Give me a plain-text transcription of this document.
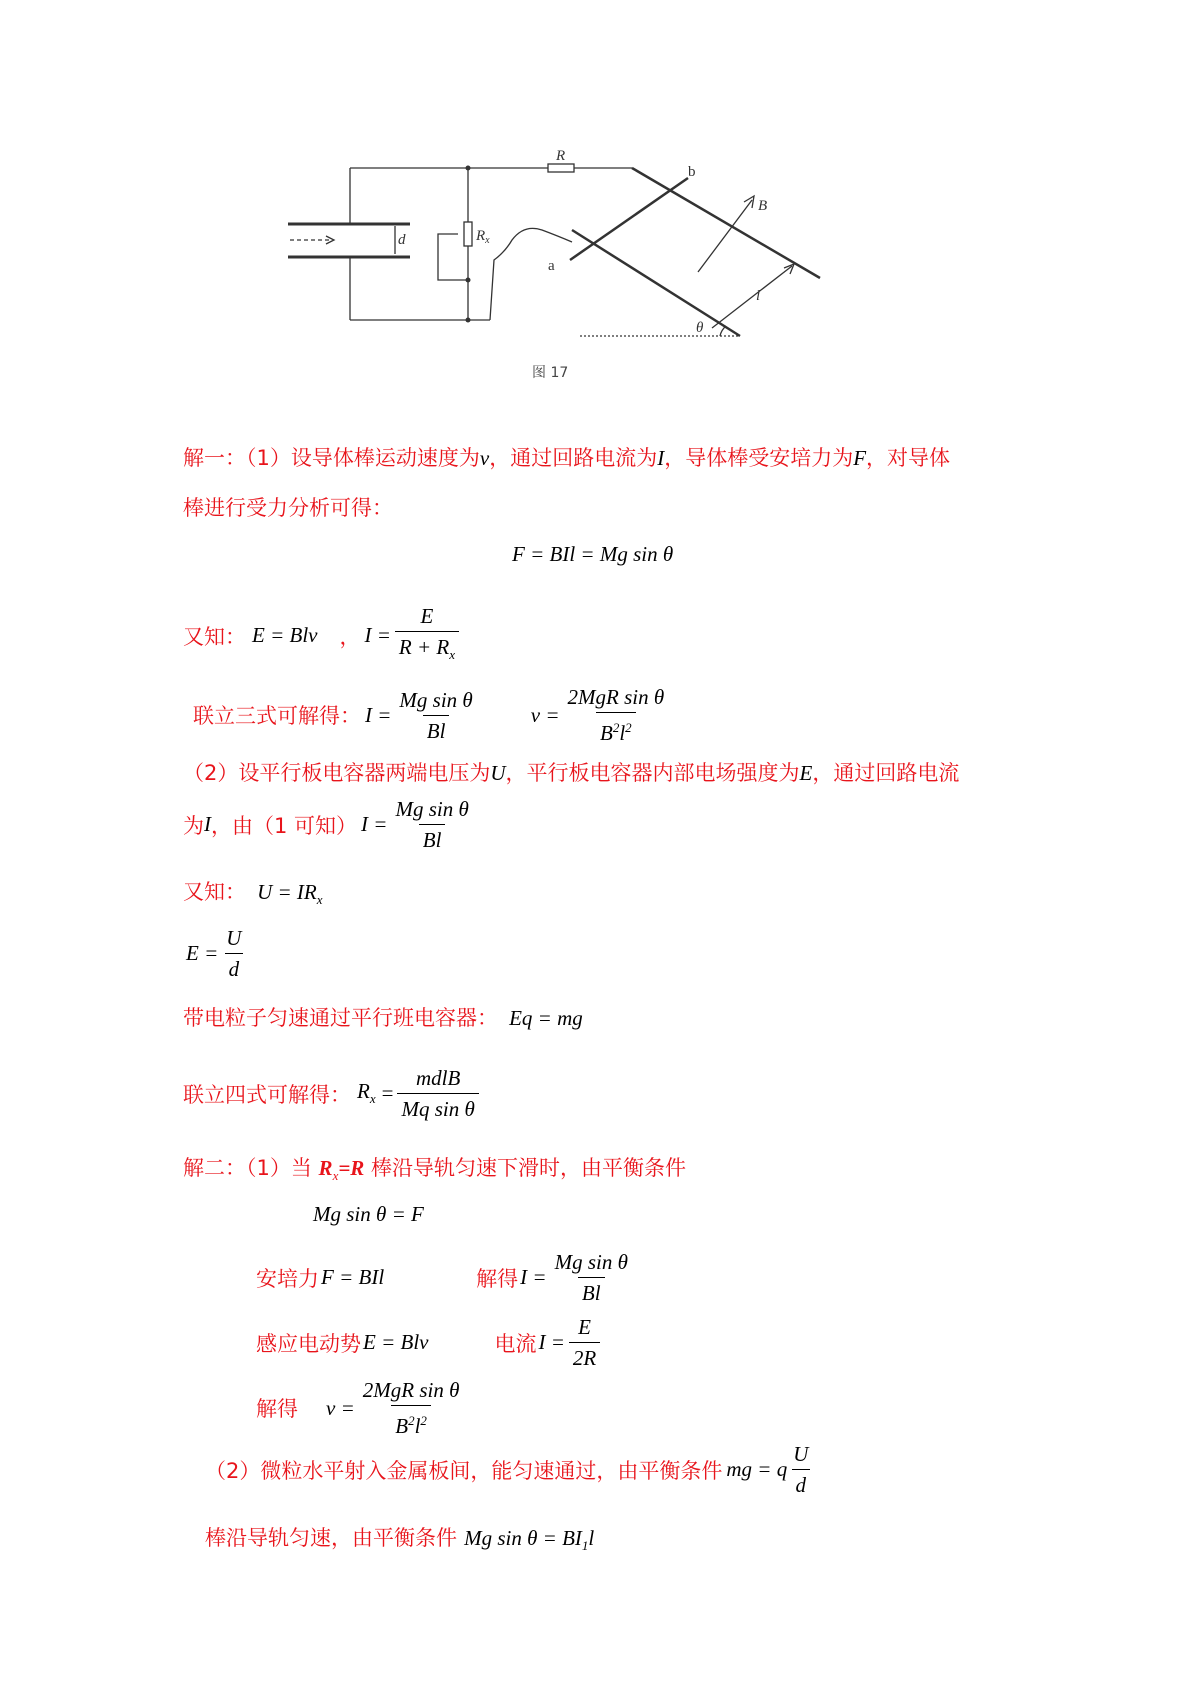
R
$R_x$
d
a
b
B
l
θ
图 17
解一：（1）设导体棒运动速度为v，通过回路电流为I，导体棒受安培力为F，对导体
棒进行受力分析可得：
F = BIl = Mg sin θ
又知： E = Blv ， $I = \frac{E}{R + R_x}$
联立三式可解得： $I = \frac{\text{Mg sin θ}}{Bl}$	$v = \frac{\text{2MgR sin θ}}{B^2l^2}$
（2）设平行板电容器两端电压为U，平行板电容器内部电场强度为E，通过回路电流
为 I ，由（1 可知） $I = \frac{\text{Mg sin θ}}{Bl}$
又知： $U = IR_x$
$E = \frac{U}{d}$
带电粒子匀速通过平行班电容器： Eq = mg
联立四式可解得： $R_x = \frac{\text{mdlB}}{\text{Mq sin θ}}$
解二：（1）当 $R_x=R$ 棒沿导轨匀速下滑时，由平衡条件
Mg sin θ = F
安培力 F = BIl	解得 $I = \frac{\text{Mg sin θ}}{Bl}$
感应电动势 E = Blv	电流 $I = \frac{E}{2R}$
解得 $v = \frac{\text{2MgR sin θ}}{B^2l^2}$
（2）微粒水平射入金属板间，能匀速通过，由平衡条件 mg = q $\frac{U}{d}$
棒沿导轨匀速，由平衡条件 Mg $\sin \theta = BI_1l$
